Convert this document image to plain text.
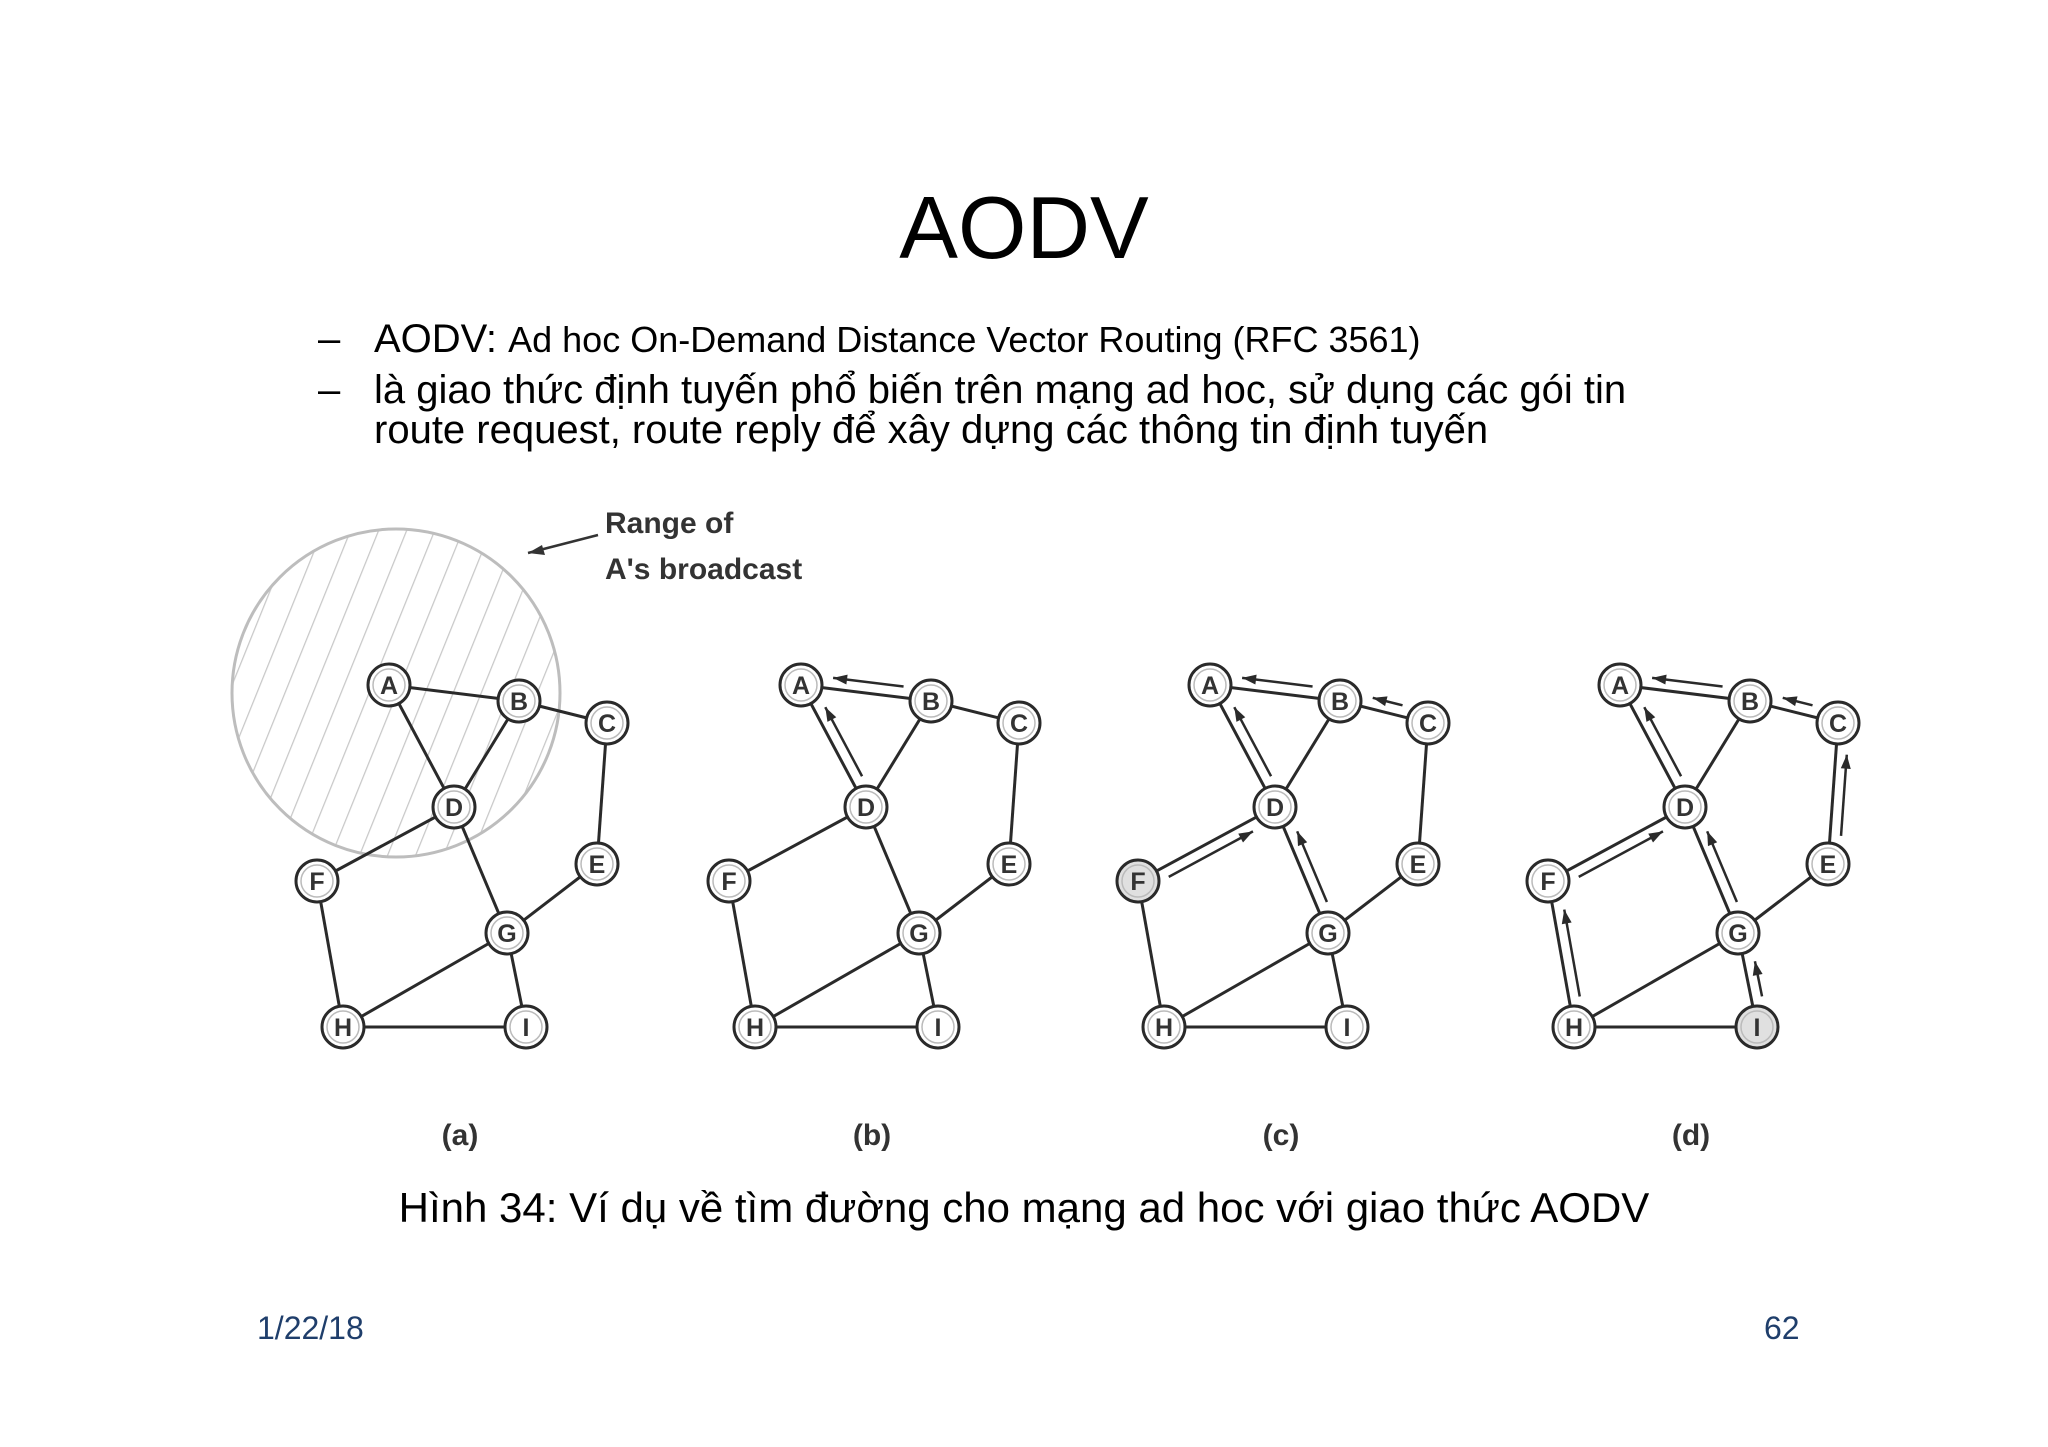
AODV
– AODV: Ad hoc On-Demand Distance Vector Routing (RFC 3561)
– là giao thức định tuyến phổ biến trên mạng ad hoc, sử dụng các gói tin
route request, route reply để xây dựng các thông tin định tuyến
Range of
A's broadcast
A
B
C
D
E
F
G
H	I
(a)
A
B
C
D
E
F
G
H	I
(b)
A
B
C
D
E
F
G
H	I
(c)
A
B
C
D
E
F
G
H	I
(d)
Hình 34: Ví dụ về tìm đường cho mạng ad hoc với giao thức AODV
1/22/18	62
